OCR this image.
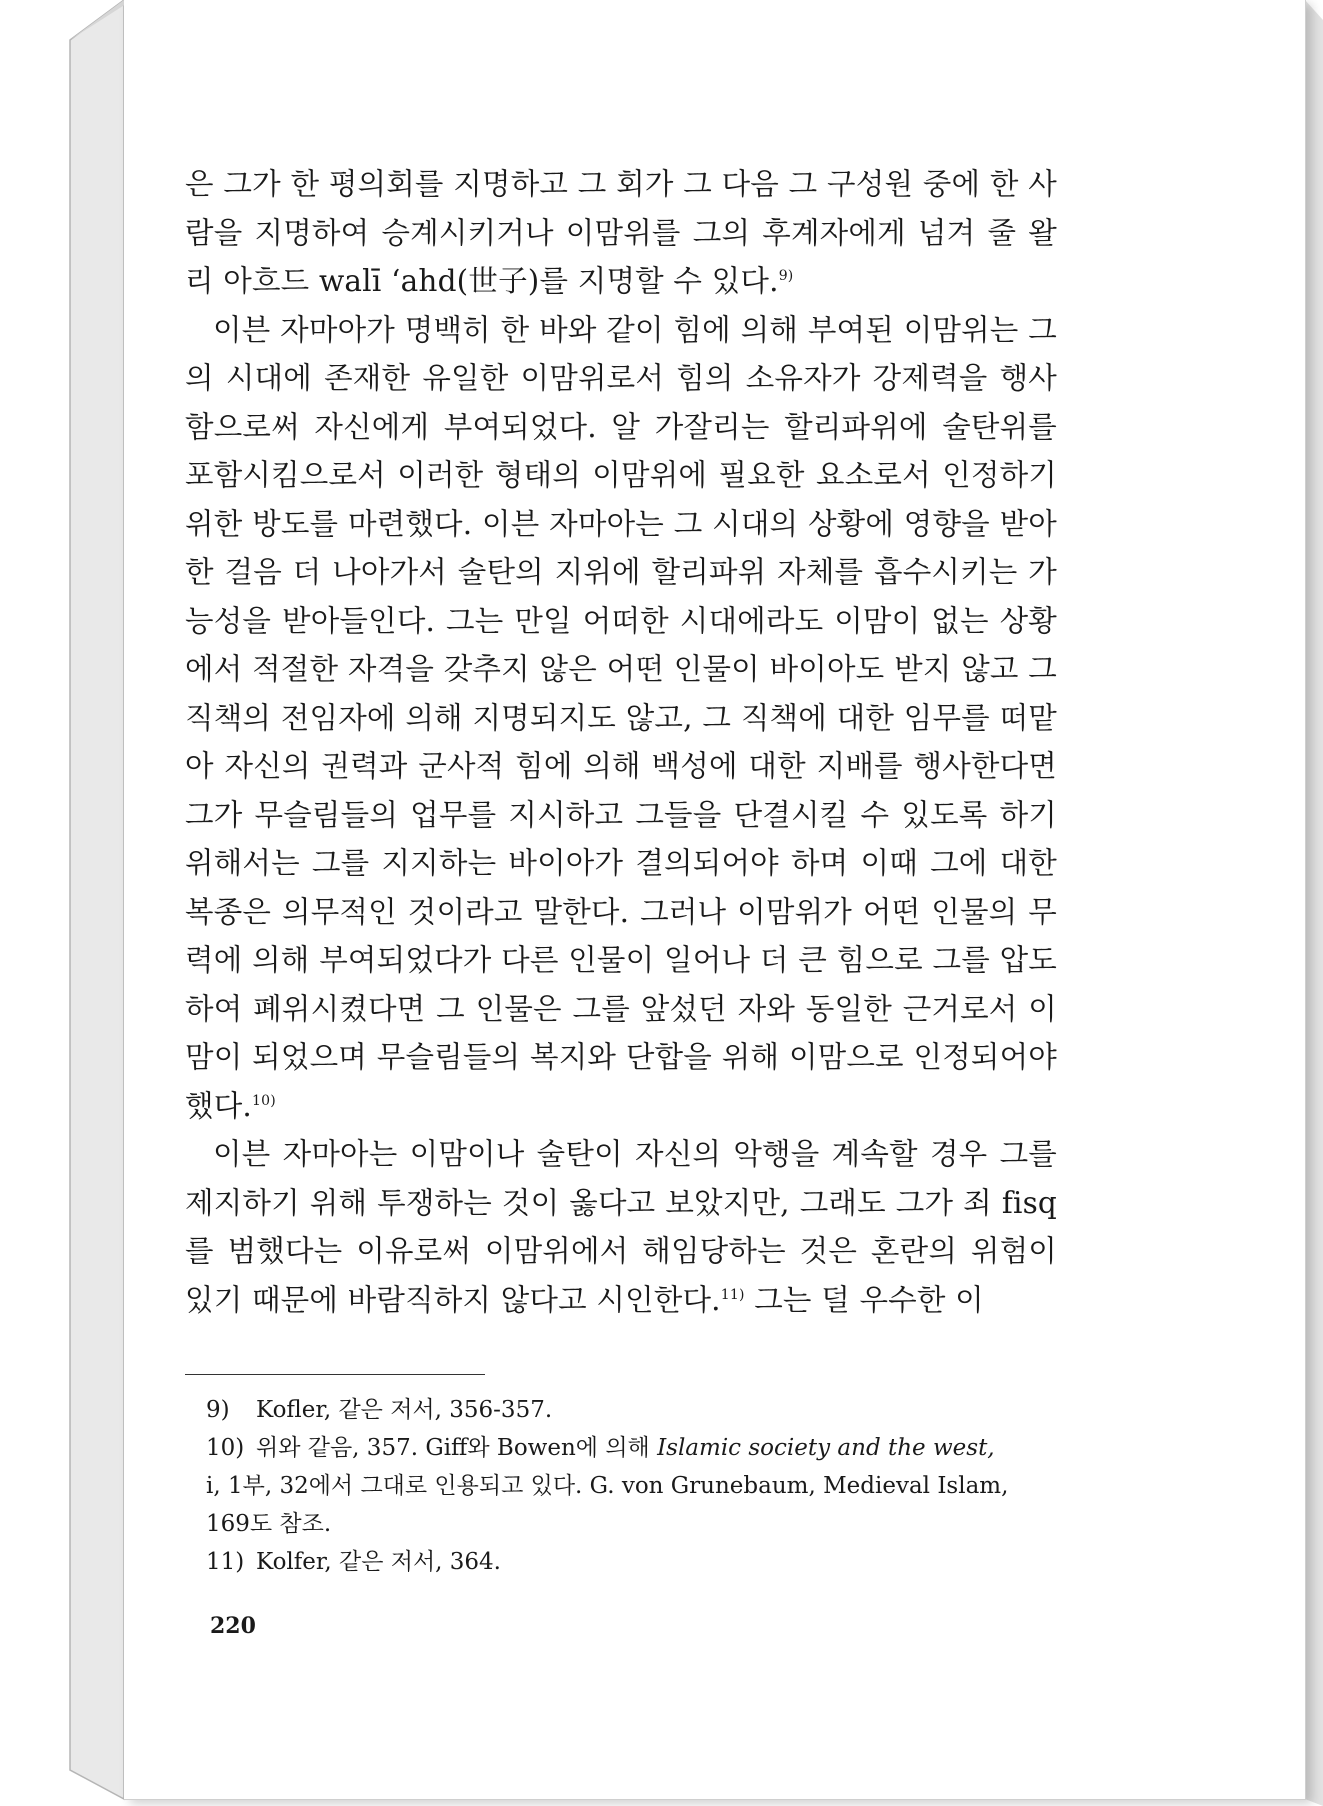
은 그가 한 평의회를 지명하고 그 회가 그 다음 그 구성원 중에 한 사람을 지명하여 승계시키거나 이맘위를 그의 후계자에게 넘겨 줄 왈리 아흐드 walī ‘ahd(世子)를 지명할 수 있다.$^{9)}$

이븐 자마아가 명백히 한 바와 같이 힘에 의해 부여된 이맘위는 그의 시대에 존재한 유일한 이맘위로서 힘의 소유자가 강제력을 행사함으로써 자신에게 부여되었다. 알 가잘리는 할리파위에 술탄위를 포함시킴으로서 이러한 형태의 이맘위에 필요한 요소로서 인정하기 위한 방도를 마련했다. 이븐 자마아는 그 시대의 상황에 영향을 받아 한 걸음 더 나아가서 술탄의 지위에 할리파위 자체를 흡수시키는 가능성을 받아들인다. 그는 만일 어떠한 시대에라도 이맘이 없는 상황에서 적절한 자격을 갖추지 않은 어떤 인물이 바이아도 받지 않고 그 직책의 전임자에 의해 지명되지도 않고, 그 직책에 대한 임무를 떠맡아 자신의 권력과 군사적 힘에 의해 백성에 대한 지배를 행사한다면 그가 무슬림들의 업무를 지시하고 그들을 단결시킬 수 있도록 하기 위해서는 그를 지지하는 바이아가 결의되어야 하며 이때 그에 대한 복종은 의무적인 것이라고 말한다. 그러나 이맘위가 어떤 인물의 무력에 의해 부여되었다가 다른 인물이 일어나 더 큰 힘으로 그를 압도하여 폐위시켰다면 그 인물은 그를 앞섰던 자와 동일한 근거로서 이맘이 되었으며 무슬림들의 복지와 단합을 위해 이맘으로 인정되어야 했다.$^{10)}$

이븐 자마아는 이맘이나 술탄이 자신의 악행을 계속할 경우 그를 제지하기 위해 투쟁하는 것이 옳다고 보았지만, 그래도 그가 죄 fisq를 범했다는 이유로써 이맘위에서 해임당하는 것은 혼란의 위험이 있기 때문에 바람직하지 않다고 시인한다.$^{11)}$ 그는 덜 우수한 이

9) Kofler, 같은 저서, 356-357.

10) 위와 같음, 357. Giff와 Bowen에 의해 Islamic society and the west,

i, 1부, 32에서 그대로 인용되고 있다. G. von Grunebaum, Medieval Islam, 169도 참조.

11) Kolfer, 같은 저서, 364.

220
